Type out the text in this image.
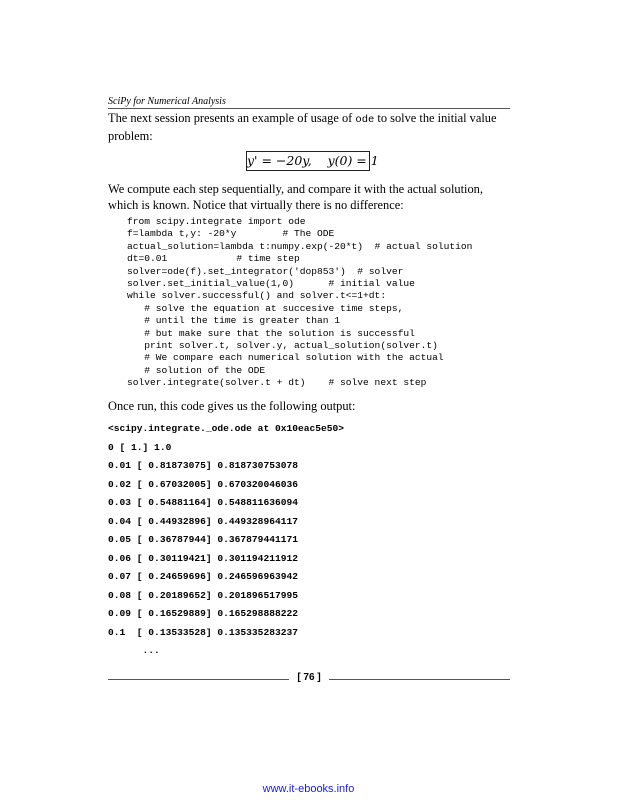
SciPy for Numerical Analysis

The next session presents an example of usage of ode to solve the initial value problem:

y' = −20y,    y(0) = 1

We compute each step sequentially, and compare it with the actual solution, which is known. Notice that virtually there is no difference:

from scipy.integrate import ode
f=lambda t,y: -20*y        # The ODE
actual_solution=lambda t:numpy.exp(-20*t)  # actual solution
dt=0.01            # time step
solver=ode(f).set_integrator('dop853')  # solver
solver.set_initial_value(1,0)      # initial value
while solver.successful() and solver.t<=1+dt:
# solve the equation at succesive time steps,
# until the time is greater than 1
# but make sure that the solution is successful
print solver.t, solver.y, actual_solution(solver.t)
# We compare each numerical solution with the actual
# solution of the ODE
solver.integrate(solver.t + dt)    # solve next step

Once run, this code gives us the following output:

<scipy.integrate._ode.ode at 0x10eac5e50>
0 [ 1.] 1.0
0.01 [ 0.81873075] 0.818730753078
0.02 [ 0.67032005] 0.670320046036
0.03 [ 0.54881164] 0.548811636094
0.04 [ 0.44932896] 0.449328964117
0.05 [ 0.36787944] 0.367879441171
0.06 [ 0.30119421] 0.301194211912
0.07 [ 0.24659696] 0.246596963942
0.08 [ 0.20189652] 0.201896517995
0.09 [ 0.16529889] 0.165298888222
0.1  [ 0.13533528] 0.135335283237
...
[ 76 ]
www.it-ebooks.info
